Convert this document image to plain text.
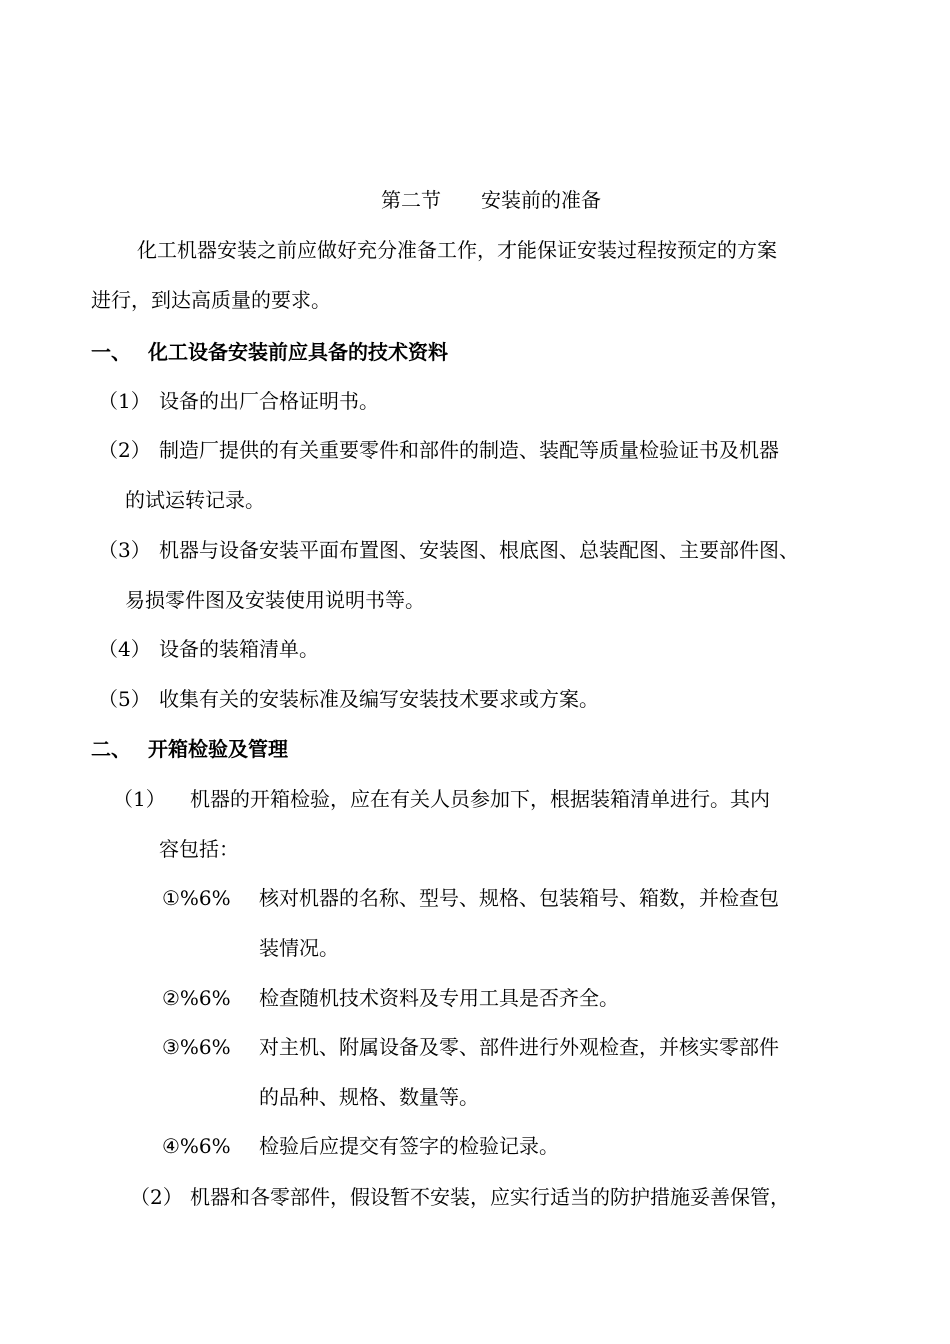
第二节　　安装前的准备
化工机器安装之前应做好充分准备工作，才能保证安装过程按预定的方案
进行，到达高质量的要求。
一、 化工设备安装前应具备的技术资料
（1） 设备的出厂合格证明书。
（2） 制造厂提供的有关重要零件和部件的制造、装配等质量检验证书及机器
的试运转记录。
（3） 机器与设备安装平面布置图、安装图、根底图、总装配图、主要部件图、
易损零件图及安装使用说明书等。
（4） 设备的装箱清单。
（5） 收集有关的安装标准及编写安装技术要求或方案。
二、 开箱检验及管理
（1） 机器的开箱检验，应在有关人员参加下，根据装箱清单进行。其内
容包括：
①%6% 核对机器的名称、型号、规格、包装箱号、箱数，并检查包
装情况。
②%6% 检查随机技术资料及专用工具是否齐全。
③%6% 对主机、附属设备及零、部件进行外观检查，并核实零部件
的品种、规格、数量等。
④%6% 检验后应提交有签字的检验记录。
（2） 机器和各零部件，假设暂不安装，应实行适当的防护措施妥善保管，
